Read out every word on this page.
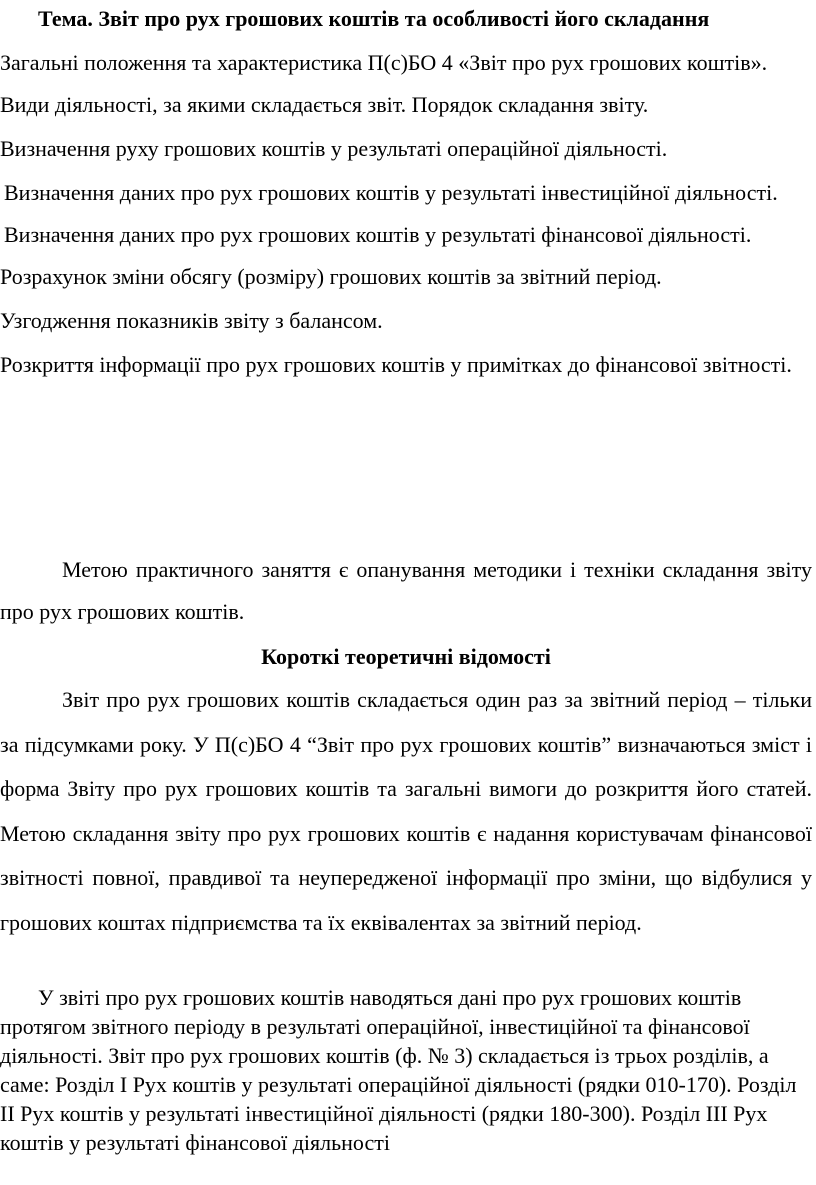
Тема. Звіт про рух грошових коштів та особливості його складання

Загальні положення та характеристика П(с)БО 4 «Звіт про рух грошових коштів».

Види діяльності, за якими складається звіт. Порядок складання звіту.

Визначення руху грошових коштів у результаті операційної діяльності.

Визначення даних про рух грошових коштів у результаті інвестиційної діяльності.

Визначення даних про рух грошових коштів у результаті фінансової діяльності.

Розрахунок зміни обсягу (розміру) грошових коштів за звітний період.

Узгодження показників звіту з балансом.

Розкриття інформації про рух грошових коштів у примітках до фінансової звітності.

Метою практичного заняття є опанування методики і техніки складання звіту про рух грошових коштів.

Короткі теоретичні відомості

Звіт про рух грошових коштів складається один раз за звітний період – тільки за підсумками року. У П(с)БО 4 “Звіт про рух грошових коштів” визначаються зміст і форма Звіту про рух грошових коштів та загальні вимоги до розкриття його статей. Метою складання звіту про рух грошових коштів є надання користувачам фінансової звітності повної, правдивої та неупередженої інформації про зміни, що відбулися у грошових коштах підприємства та їх еквівалентах за звітний період.

У звіті про рух грошових коштів наводяться дані про рух грошових коштів протягом звітного періоду в результаті операційної, інвестиційної та фінансової діяльності. Звіт про рух грошових коштів (ф. № 3) складається із трьох розділів, а саме: Розділ І Рух коштів у результаті операційної діяльності (рядки 010-170). Розділ ІІ Рух коштів у результаті інвестиційної діяльності (рядки 180-300). Розділ ІІІ Рух коштів у результаті фінансової діяльності
